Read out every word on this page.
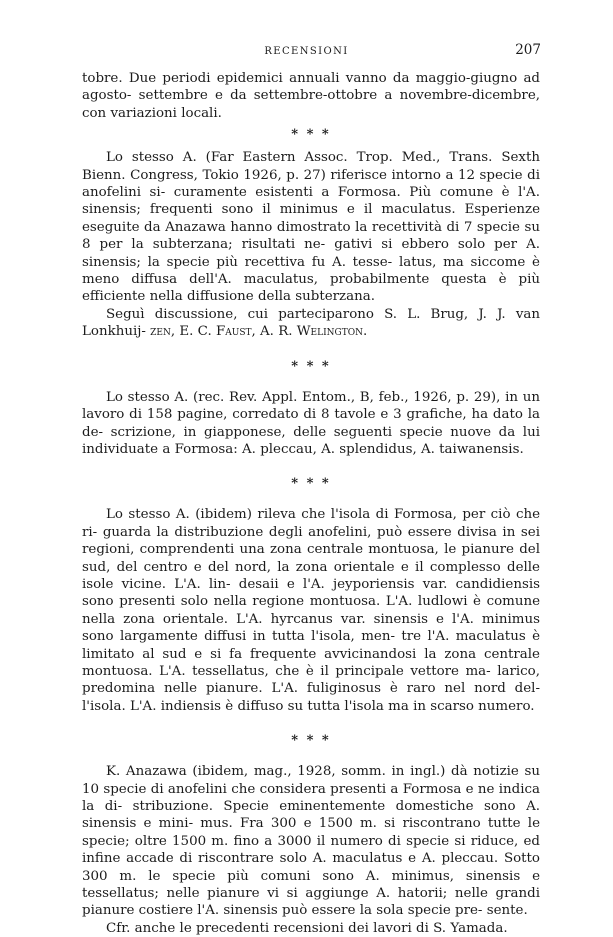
RECENSIONI	207

tobre. Due periodi epidemici annuali vanno da maggio-giugno ad agosto- settembre e da settembre-ottobre a novembre-dicembre, con variazioni locali.

* * *

Lo stesso A. (Far Eastern Assoc. Trop. Med., Trans. Sexth Bienn. Congress, Tokio 1926, p. 27) riferisce intorno a 12 specie di anofelini si- curamente esistenti a Formosa. Più comune è l'A. sinensis; frequenti sono il minimus e il maculatus. Esperienze eseguite da Anazawa hanno dimostrato la recettività di 7 specie su 8 per la subterzana; risultati ne- gativi si ebbero solo per A. sinensis; la specie più recettiva fu A. tesse- latus, ma siccome è meno diffusa dell'A. maculatus, probabilmente questa è più efficiente nella diffusione della subterzana.

Seguì discussione, cui parteciparono S. L. Brug, J. J. van Lonkhuij- zen, E. C. Faust, A. R. Welington.

* * *

Lo stesso A. (rec. Rev. Appl. Entom., B, feb., 1926, p. 29), in un lavoro di 158 pagine, corredato di 8 tavole e 3 grafiche, ha dato la de- scrizione, in giapponese, delle seguenti specie nuove da lui individuate a Formosa: A. pleccau, A. splendidus, A. taiwanensis.

* * *

Lo stesso A. (ibidem) rileva che l'isola di Formosa, per ciò che ri- guarda la distribuzione degli anofelini, può essere divisa in sei regioni, comprendenti una zona centrale montuosa, le pianure del sud, del centro e del nord, la zona orientale e il complesso delle isole vicine. L'A. lin- desaii e l'A. jeyporiensis var. candidiensis sono presenti solo nella regione montuosa. L'A. ludlowi è comune nella zona orientale. L'A. hyrcanus var. sinensis e l'A. minimus sono largamente diffusi in tutta l'isola, men- tre l'A. maculatus è limitato al sud e si fa frequente avvicinandosi la zona centrale montuosa. L'A. tessellatus, che è il principale vettore ma- larico, predomina nelle pianure. L'A. fuliginosus è raro nel nord del- l'isola. L'A. indiensis è diffuso su tutta l'isola ma in scarso numero.

* * *

K. Anazawa (ibidem, mag., 1928, somm. in ingl.) dà notizie su 10 specie di anofelini che considera presenti a Formosa e ne indica la di- stribuzione. Specie eminentemente domestiche sono A. sinensis e mini- mus. Fra 300 e 1500 m. si riscontrano tutte le specie; oltre 1500 m. fino a 3000 il numero di specie si riduce, ed infine accade di riscontrare solo A. maculatus e A. pleccau. Sotto 300 m. le specie più comuni sono A. minimus, sinensis e tessellatus; nelle pianure vi si aggiunge A. hatorii; nelle grandi pianure costiere l'A. sinensis può essere la sola specie pre- sente.

Cfr. anche le precedenti recensioni dei lavori di S. Yamada.
